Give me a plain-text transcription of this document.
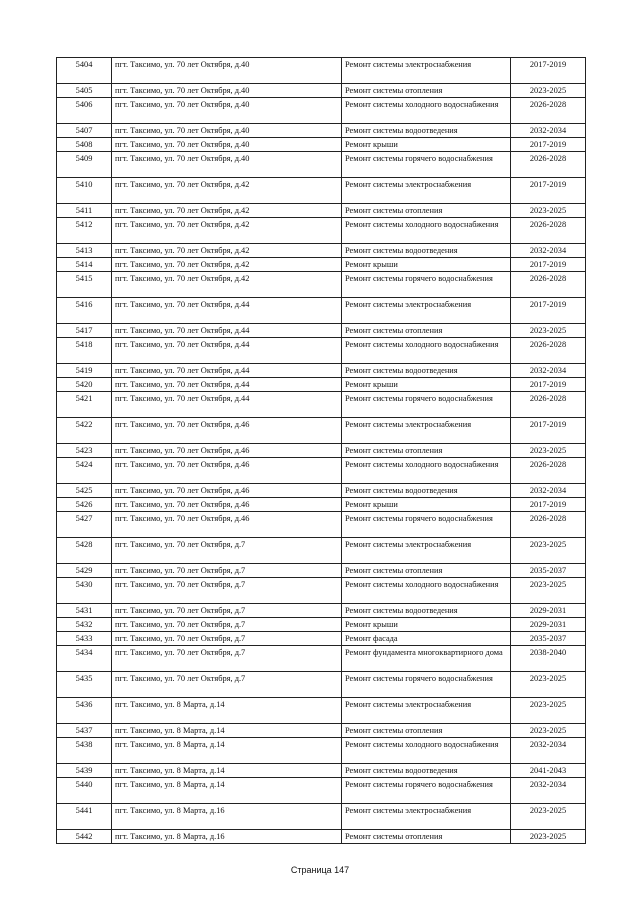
5404	пгт. Таксимо, ул. 70 лет Октября, д.40	Ремонт системы электроснабжения	2017-2019
5405	пгт. Таксимо, ул. 70 лет Октября, д.40	Ремонт системы отопления	2023-2025
5406	пгт. Таксимо, ул. 70 лет Октября, д.40	Ремонт системы холодного водоснабжения	2026-2028
5407	пгт. Таксимо, ул. 70 лет Октября, д.40	Ремонт системы водоотведения	2032-2034
5408	пгт. Таксимо, ул. 70 лет Октября, д.40	Ремонт крыши	2017-2019
5409	пгт. Таксимо, ул. 70 лет Октября, д.40	Ремонт системы горячего водоснабжения	2026-2028
5410	пгт. Таксимо, ул. 70 лет Октября, д.42	Ремонт системы электроснабжения	2017-2019
5411	пгт. Таксимо, ул. 70 лет Октября, д.42	Ремонт системы отопления	2023-2025
5412	пгт. Таксимо, ул. 70 лет Октября, д.42	Ремонт системы холодного водоснабжения	2026-2028
5413	пгт. Таксимо, ул. 70 лет Октября, д.42	Ремонт системы водоотведения	2032-2034
5414	пгт. Таксимо, ул. 70 лет Октября, д.42	Ремонт крыши	2017-2019
5415	пгт. Таксимо, ул. 70 лет Октября, д.42	Ремонт системы горячего водоснабжения	2026-2028
5416	пгт. Таксимо, ул. 70 лет Октября, д.44	Ремонт системы электроснабжения	2017-2019
5417	пгт. Таксимо, ул. 70 лет Октября, д.44	Ремонт системы отопления	2023-2025
5418	пгт. Таксимо, ул. 70 лет Октября, д.44	Ремонт системы холодного водоснабжения	2026-2028
5419	пгт. Таксимо, ул. 70 лет Октября, д.44	Ремонт системы водоотведения	2032-2034
5420	пгт. Таксимо, ул. 70 лет Октября, д.44	Ремонт крыши	2017-2019
5421	пгт. Таксимо, ул. 70 лет Октября, д.44	Ремонт системы горячего водоснабжения	2026-2028
5422	пгт. Таксимо, ул. 70 лет Октября, д.46	Ремонт системы электроснабжения	2017-2019
5423	пгт. Таксимо, ул. 70 лет Октября, д.46	Ремонт системы отопления	2023-2025
5424	пгт. Таксимо, ул. 70 лет Октября, д.46	Ремонт системы холодного водоснабжения	2026-2028
5425	пгт. Таксимо, ул. 70 лет Октября, д.46	Ремонт системы водоотведения	2032-2034
5426	пгт. Таксимо, ул. 70 лет Октября, д.46	Ремонт крыши	2017-2019
5427	пгт. Таксимо, ул. 70 лет Октября, д.46	Ремонт системы горячего водоснабжения	2026-2028
5428	пгт. Таксимо, ул. 70 лет Октября, д.7	Ремонт системы электроснабжения	2023-2025
5429	пгт. Таксимо, ул. 70 лет Октября, д.7	Ремонт системы отопления	2035-2037
5430	пгт. Таксимо, ул. 70 лет Октября, д.7	Ремонт системы холодного водоснабжения	2023-2025
5431	пгт. Таксимо, ул. 70 лет Октября, д.7	Ремонт системы водоотведения	2029-2031
5432	пгт. Таксимо, ул. 70 лет Октября, д.7	Ремонт крыши	2029-2031
5433	пгт. Таксимо, ул. 70 лет Октября, д.7	Ремонт фасада	2035-2037
5434	пгт. Таксимо, ул. 70 лет Октября, д.7	Ремонт фундамента многоквартирного дома	2038-2040
5435	пгт. Таксимо, ул. 70 лет Октября, д.7	Ремонт системы горячего водоснабжения	2023-2025
5436	пгт. Таксимо, ул. 8 Марта, д.14	Ремонт системы электроснабжения	2023-2025
5437	пгт. Таксимо, ул. 8 Марта, д.14	Ремонт системы отопления	2023-2025
5438	пгт. Таксимо, ул. 8 Марта, д.14	Ремонт системы холодного водоснабжения	2032-2034
5439	пгт. Таксимо, ул. 8 Марта, д.14	Ремонт системы водоотведения	2041-2043
5440	пгт. Таксимо, ул. 8 Марта, д.14	Ремонт системы горячего водоснабжения	2032-2034
5441	пгт. Таксимо, ул. 8 Марта, д.16	Ремонт системы электроснабжения	2023-2025
5442	пгт. Таксимо, ул. 8 Марта, д.16	Ремонт системы отопления	2023-2025
Страница 147
